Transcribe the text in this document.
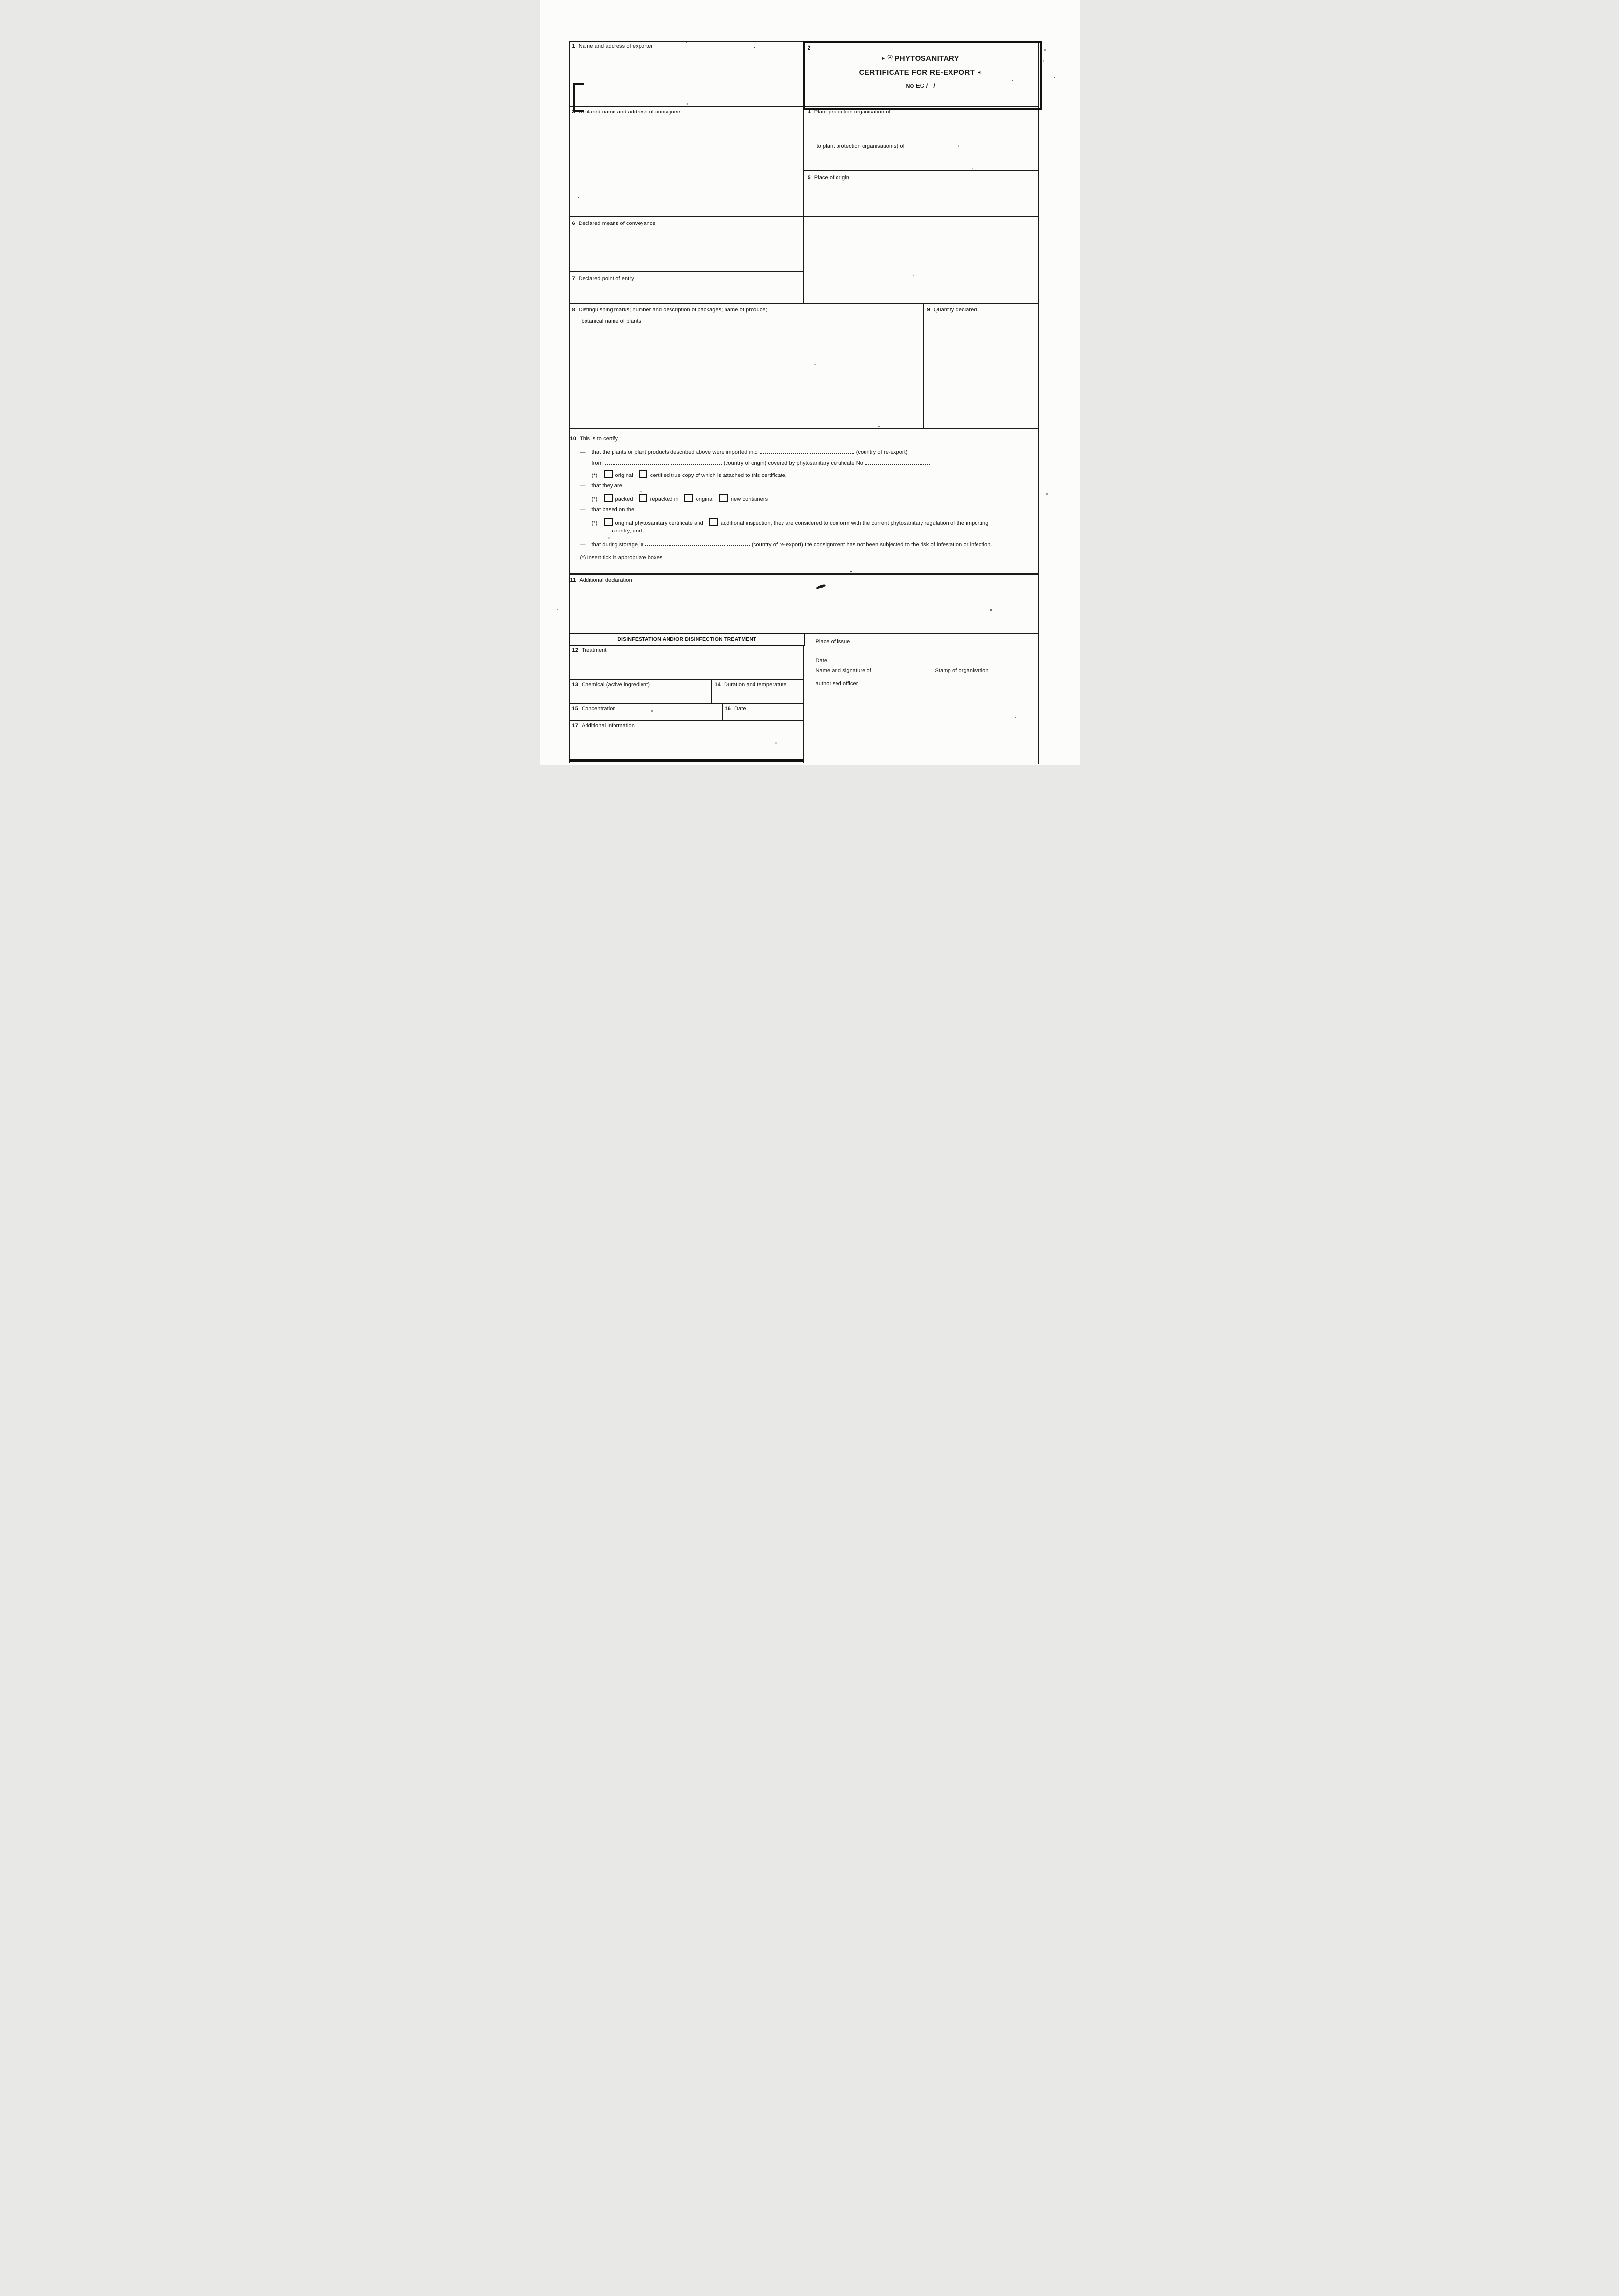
2
► $^{(1)}$ PHYTOSANITARY
CERTIFICATE FOR RE-EXPORT ◄
No EC /   /
1 Name and address of exporter
3 Declared name and address of consignee	4 Plant protection organisation of
to plant protection organisation(s) of
5 Place of origin
6 Declared means of conveyance
7 Declared point of entry
8 Distinguishing marks; number and description of packages; name of produce;
botanical name of plants
9 Quantity declared
10 This is to certify
— that the plants or plant products described above were imported into	(country of re-export)
from	(country of origin) covered by phytosanitary certificate No
(*)	original	certified true copy of which is attached to this certificate,
— that they are
(*)	packed	repacked in	original	new containers
— that based on the
(*)	original phytosanitary certificate and	additional inspection, they are considered to conform with the current phytosanitary regulation of the importing
country, and
— that during storage in	(country of re-export) the consignment has not been subjected to the risk of infestation or infection.
(*) Insert tick in appropriate boxes
11 Additional declaration
DISINFESTATION AND/OR DISINFECTION TREATMENT
12 Treatment
13 Chemical (active ingredient)	14 Duration and temperature
15 Concentration	16 Date
17 Additional information
Place of issue
Date
Name and signature of
authorised officer
Stamp of organisation
